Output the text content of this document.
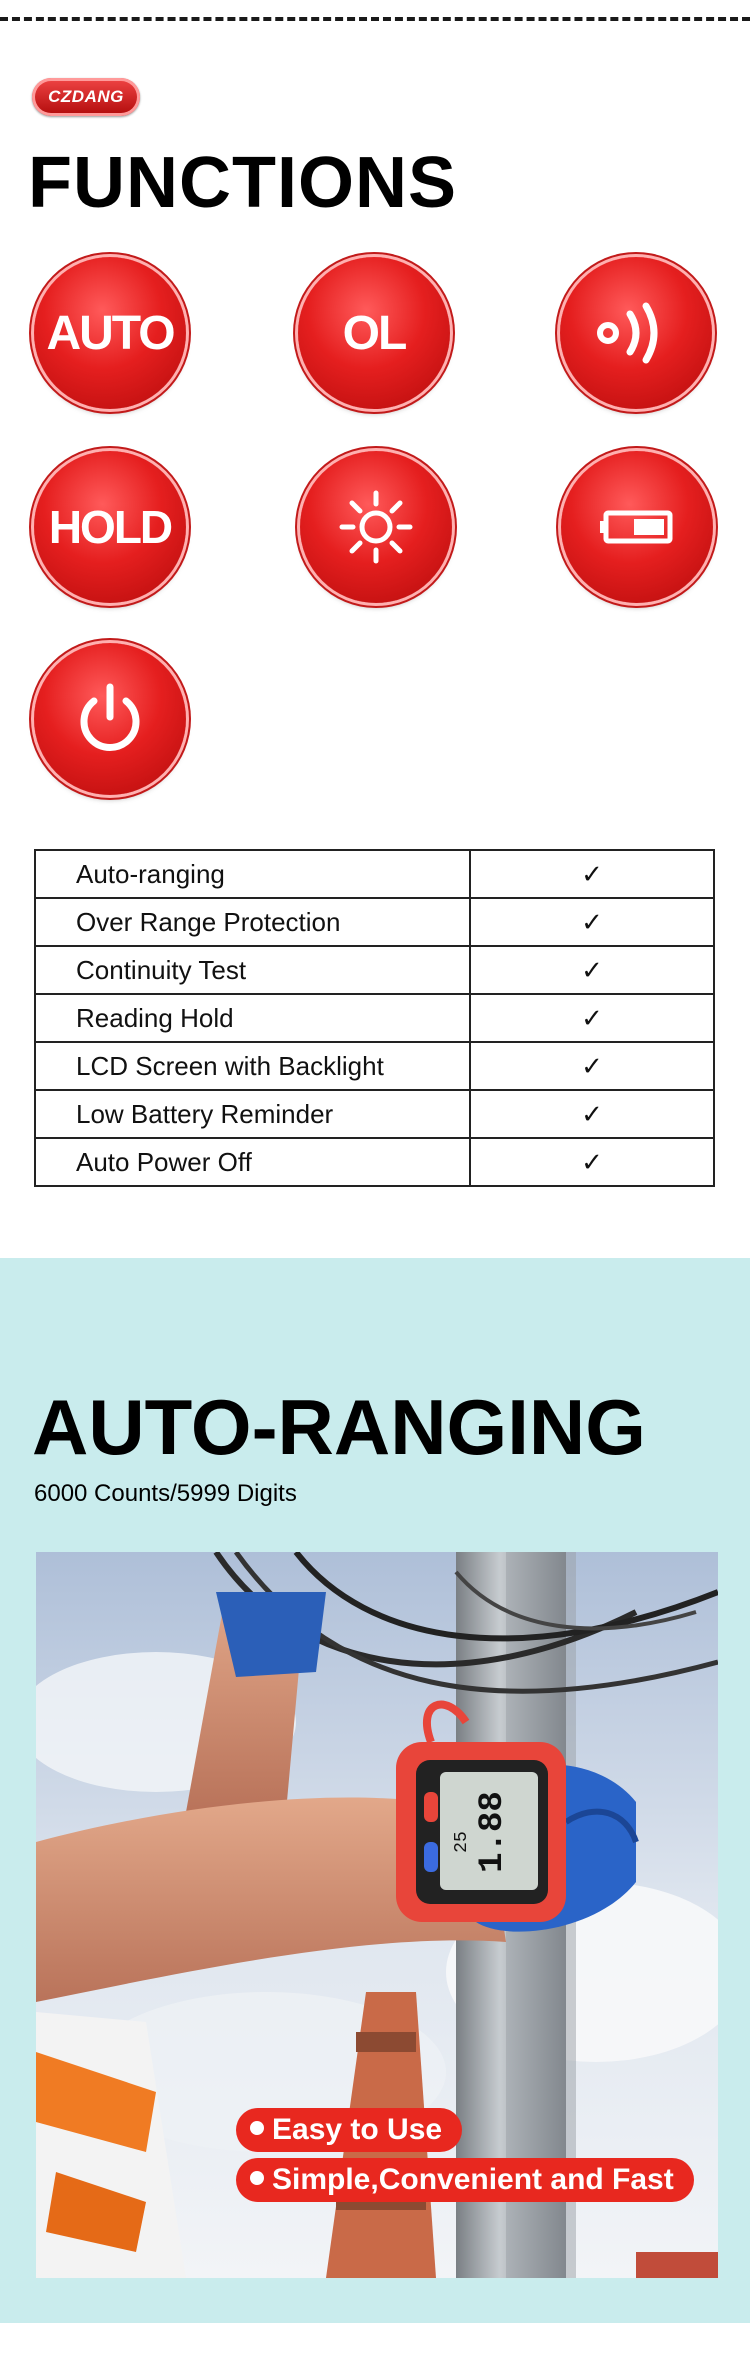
CZDANG
FUNCTIONS
AUTO	OL
HOLD
Auto-ranging	✓
Over Range Protection	✓
Continuity Test	✓
Reading Hold	✓
LCD Screen with Backlight	✓
Low Battery Reminder	✓
Auto Power Off	✓
AUTO-RANGING
6000 Counts/5999 Digits
1.88
25
Easy to Use
Simple,Convenient and Fast
